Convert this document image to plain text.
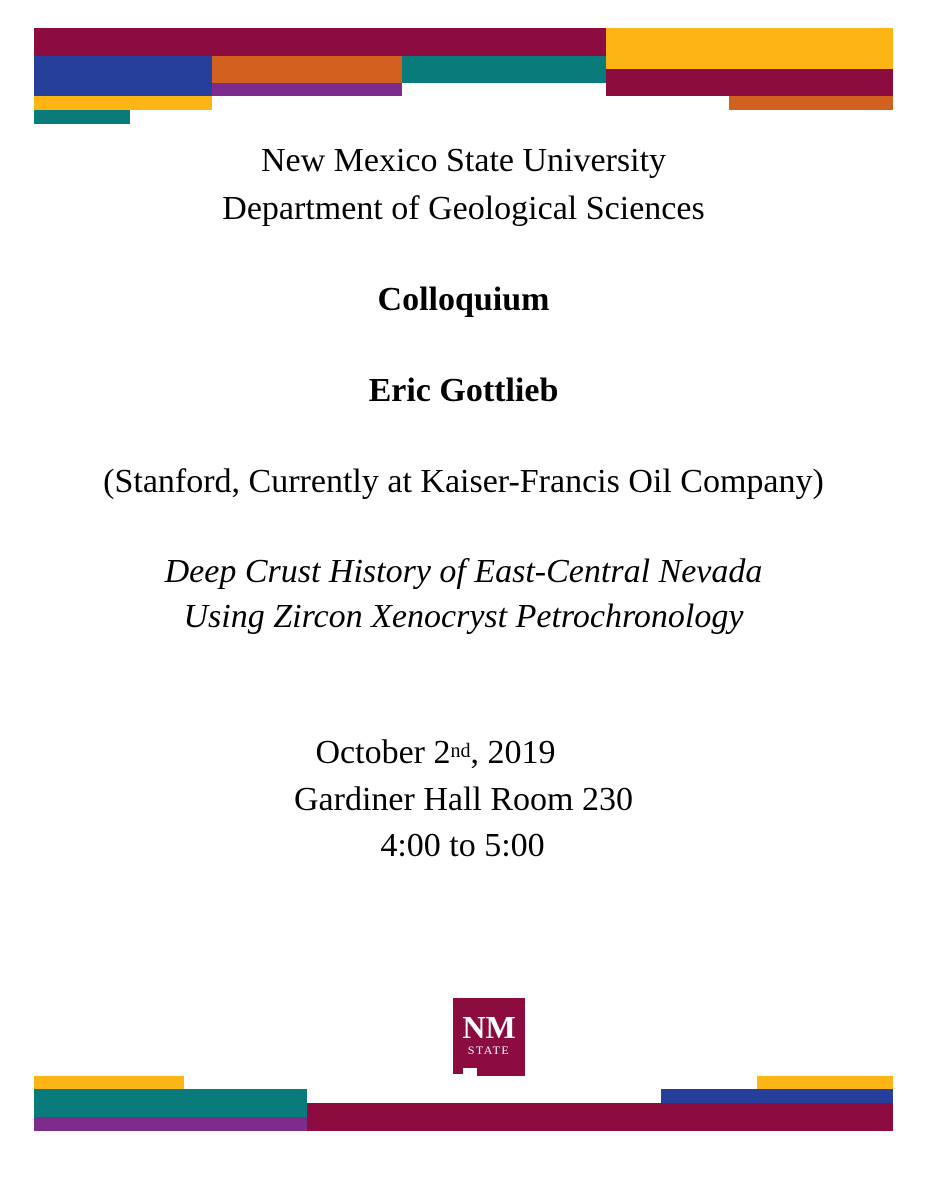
New Mexico State University
Department of Geological Sciences
Colloquium
Eric Gottlieb
(Stanford, Currently at Kaiser-Francis Oil Company)
Deep Crust History of East-Central Nevada
Using Zircon Xenocryst Petrochronology
October 2nd, 2019
Gardiner Hall Room 230
4:00 to 5:00
NM
STATE
